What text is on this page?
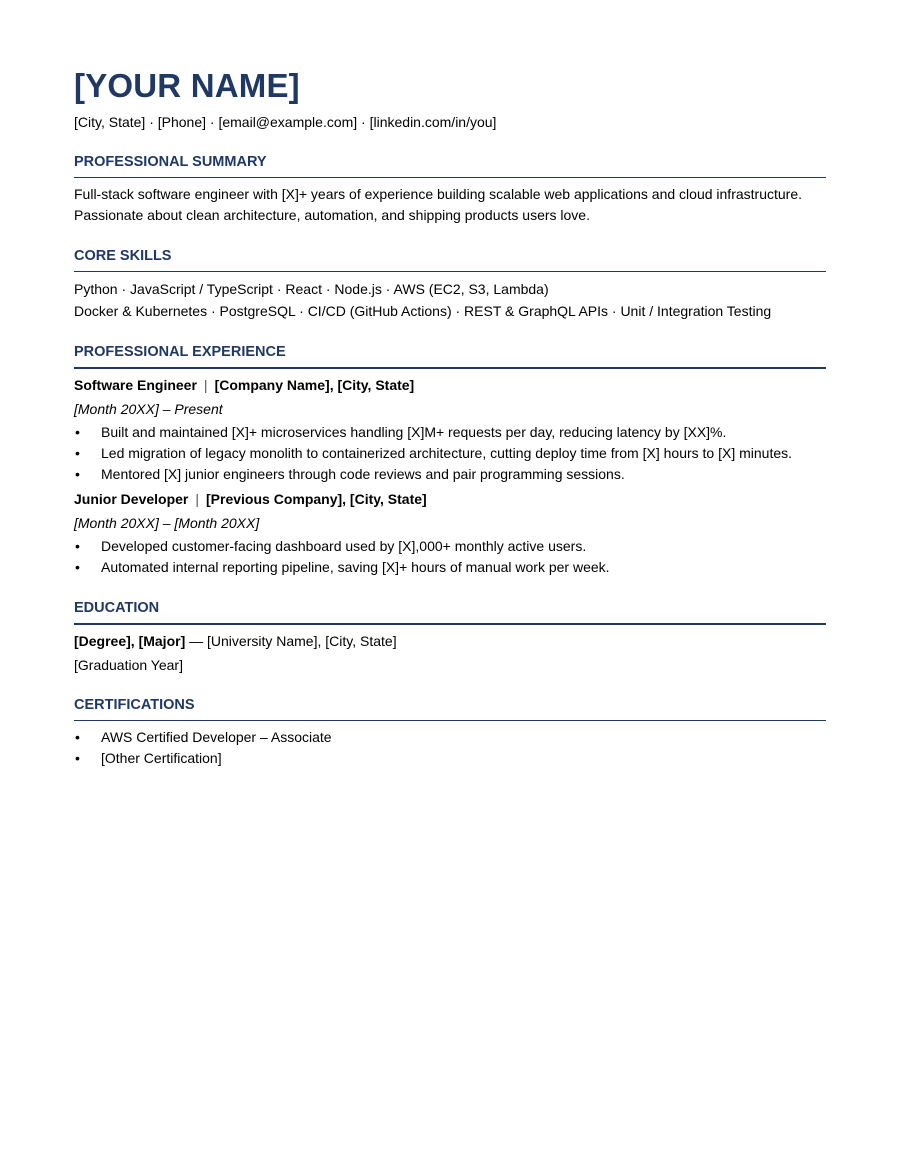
[YOUR NAME]
[City, State] · [Phone] · [email@example.com] · [linkedin.com/in/you]
PROFESSIONAL SUMMARY
Full-stack software engineer with [X]+ years of experience building scalable web applications and cloud infrastructure.
Passionate about clean architecture, automation, and shipping products users love.
CORE SKILLS
Python · JavaScript / TypeScript · React · Node.js · AWS (EC2, S3, Lambda)
Docker & Kubernetes · PostgreSQL · CI/CD (GitHub Actions) · REST & GraphQL APIs · Unit / Integration Testing
PROFESSIONAL EXPERIENCE
Software Engineer | [Company Name], [City, State]
[Month 20XX] – Present
• Built and maintained [X]+ microservices handling [X]M+ requests per day, reducing latency by [XX]%.
• Led migration of legacy monolith to containerized architecture, cutting deploy time from [X] hours to [X] minutes.
• Mentored [X] junior engineers through code reviews and pair programming sessions.
Junior Developer | [Previous Company], [City, State]
[Month 20XX] – [Month 20XX]
• Developed customer-facing dashboard used by [X],000+ monthly active users.
• Automated internal reporting pipeline, saving [X]+ hours of manual work per week.
EDUCATION
[Degree], [Major] — [University Name], [City, State]
[Graduation Year]
CERTIFICATIONS
• AWS Certified Developer – Associate
• [Other Certification]
